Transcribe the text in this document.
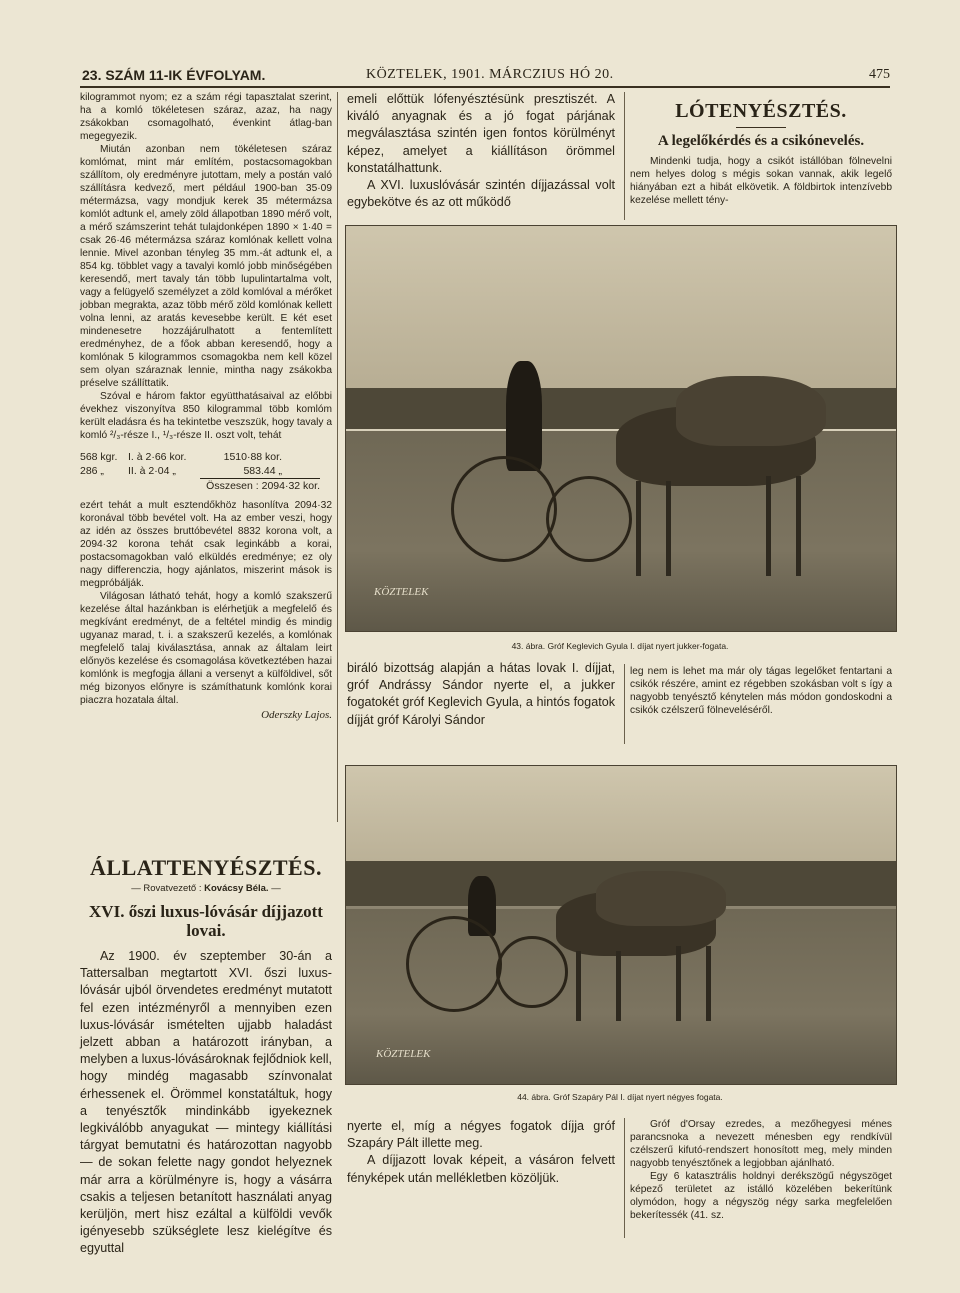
23. SZÁM 11-IK ÉVFOLYAM.	KÖZTELEK, 1901. MÁRCZIUS HÓ 20.	475

kilogrammot nyom; ez a szám régi tapasztalat szerint, ha a komló tökéletesen száraz, azaz, ha nagy zsákokban csomagolható, évenkint átlag-ban megegyezik.

Miután azonban nem tökéletesen száraz komlómat, mint már említém, postacsomagokban szállítom, oly eredményre jutottam, mely a postán való szállításra kedvező, mert például 1900-ban 35·09 métermázsa, vagy mondjuk kerek 35 métermázsa komlót adtunk el, amely zöld állapotban 1890 mérő volt, a mérő számszerint tehát tulajdonképen 1890 × 1·40 = csak 26·46 métermázsa száraz komlónak kellett volna lennie. Mivel azonban tényleg 35 mm.-át adtunk el, a 854 kg. többlet vagy a tavalyi komló jobb minőségében keresendő, mert tavaly tán több lupulintartalma volt, vagy a felügyelő személyzet a zöld komlóval a mérőket jobban megrakta, azaz több mérő zöld komlónak kellett volna lenni, az aratás kevesebbe került. E két eset mindenesetre hozzájárulhatott a fentemlített eredményhez, de a főok abban keresendő, hogy a komlónak 5 kilogrammos csomagokba nem kell közel sem olyan száraznak lennie, mintha nagy zsákokba préselve szállíttatik.

Szóval e három faktor együtthatásaival az előbbi évekhez viszonyítva 850 kilogrammal több komlóm került eladásra és ha tekintetbe veszszük, hogy tavaly a komló ²/₃-része I., ¹/₃-része II. oszt volt, tehát

568 kgr.	I. à 2·66 kor.	1510·88 kor.
286 „	II. à 2·04 „	583.44 „
Összesen : 2094·32 kor.

ezért tehát a mult esztendőkhöz hasonlítva 2094·32 koronával több bevétel volt. Ha az ember veszi, hogy az idén az összes bruttóbevétel 8832 korona volt, a 2094·32 korona tehát csak leginkább a korai, postacsomagokban való elküldés eredménye; ez oly nagy differenczia, hogy ajánlatos, miszerint mások is megpróbálják.

Világosan látható tehát, hogy a komló szakszerű kezelése által hazánkban is elérhetjük a megfelelő és megkívánt eredményt, de a feltétel mindig és mindig ugyanaz marad, t. i. a szakszerű kezelés, a komlónak megfelelő talaj kiválasztása, annak az általam leirt előnyös kezelése és csomagolása következtében hazai komlónk is megfogja állani a versenyt a külföldivel, sőt még bizonyos előnyre is számíthatunk komlónk korai piaczra hozatala által.

Oderszky Lajos.
ÁLLATTENYÉSZTÉS.
— Rovatvezető : Kovácsy Béla. —
XVI. őszi luxus-lóvásár díjjazott lovai.

Az 1900. év szeptember 30-án a Tattersalban megtartott XVI. őszi luxus-lóvásár ujból örvendetes eredményt mutatott fel ezen intézményről a mennyiben ezen luxus-lóvásár ismételten ujjabb haladást jelzett abban a határozott irányban, a melyben a luxus-lóvásároknak fejlődniok kell, hogy mindég magasabb színvonalat érhessenek el. Örömmel konstatáltuk, hogy a tenyésztők mindinkább igyekeznek legkiválóbb anyagukat — mintegy kiállítási tárgyat bemutatni és határozottan nagyobb — de sokan felette nagy gondot helyeznek már arra a körülményre is, hogy a vásárra csakis a teljesen betanított használati anyag kerüljön, mert hisz ezáltal a külföldi vevők igényesebb szükséglete lesz kielégítve és egyuttal

emeli előttük lófenyésztésünk presztiszét. A kiváló anyagnak és a jó fogat párjának megválasztása szintén igen fontos körülményt képez, amelyet a kiállításon örömmel konstatálhattunk.

A XVI. luxuslóvásár szintén díjjazással volt egybekötve és az ott működő

LÓTENYÉSZTÉS.
A legelőkérdés és a csikónevelés.

Mindenki tudja, hogy a csikót istállóban fölnevelni nem helyes dolog s mégis sokan vannak, akik legelő hiányában ezt a hibát elkövetik. A földbirtok intenzívebb kezelése mellett tény-

KÖZTELEK
43. ábra. Gróf Keglevich Gyula I. díjat nyert jukker-fogata.

biráló bizottság alapján a hátas lovak I. díjjat, gróf Andrássy Sándor nyerte el, a jukker fogatokét gróf Keglevich Gyula, a hintós fogatok díjját gróf Károlyi Sándor

leg nem is lehet ma már oly tágas legelőket fentartani a csikók részére, amint ez régebben szokásban volt s így a nagyobb tenyésztő kénytelen más módon gondoskodni a csikók czélszerű fölneveléséről.

KÖZTELEK
44. ábra. Gróf Szapáry Pál I. díjat nyert négyes fogata.

nyerte el, míg a négyes fogatok díjja gróf Szapáry Pált illette meg.

A díjjazott lovak képeit, a vásáron felvett fényképek után mellékletben közöljük.

Gróf d'Orsay ezredes, a mezőhegyesi ménes parancsnoka a nevezett ménesben egy rendkívül czélszerű kifutó-rendszert honosított meg, mely minden nagyobb tenyésztőnek a legjobban ajánlható.

Egy 6 katasztrális holdnyi derékszögű négyszöget képező területet az istálló közelében bekerítünk olymódon, hogy a négyszög négy sarka megfelelően bekerítessék (41. sz.
